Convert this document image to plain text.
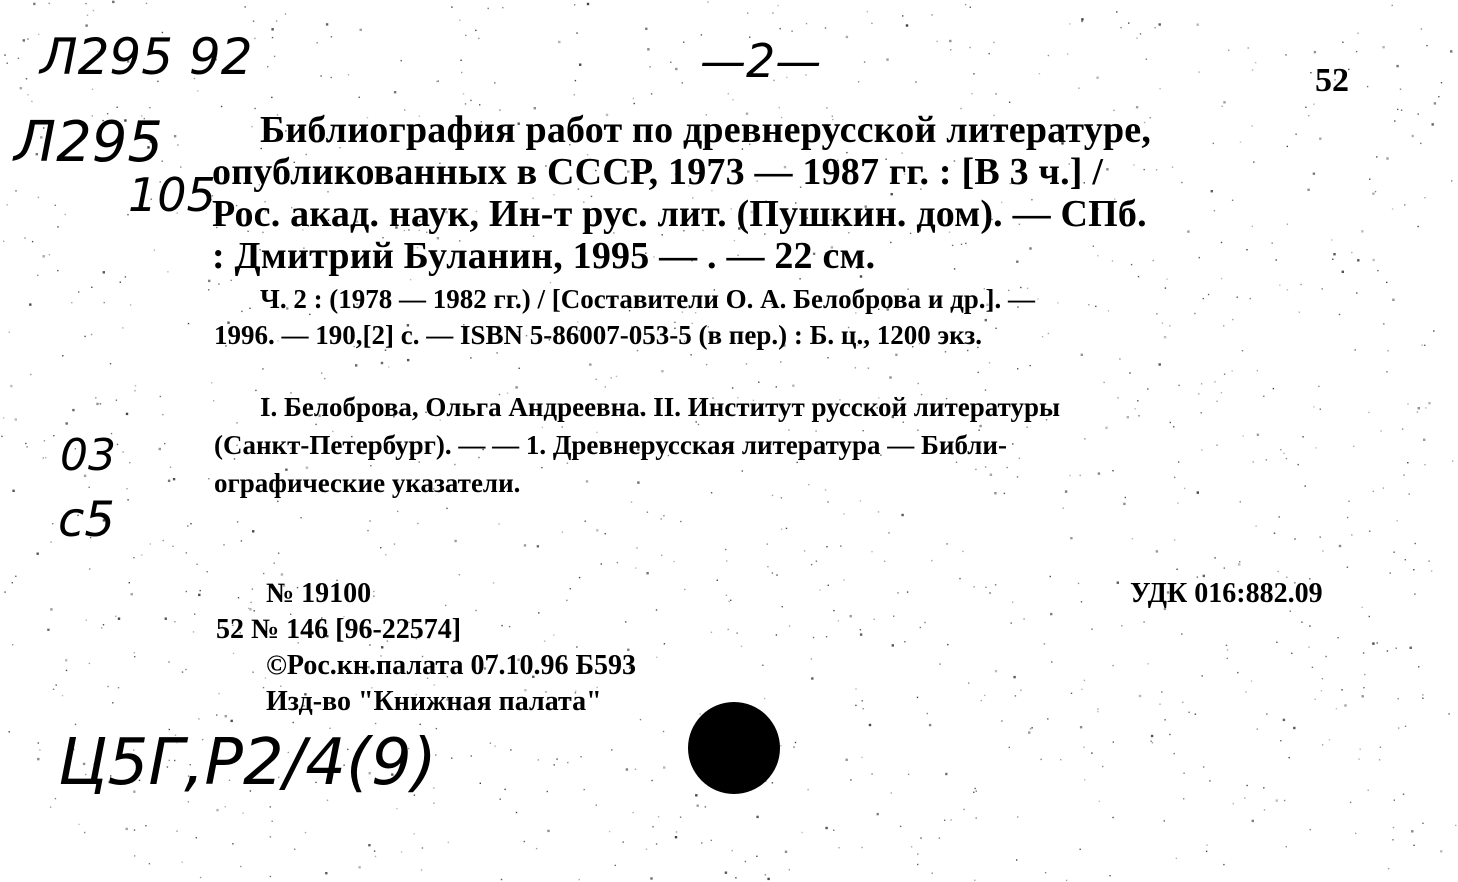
Л295 92	—2—
Л295
105
03
c5
Ц5Г,Р2/4(9)
52
Библиография работ по древнерусской литературе,
опубликованных в СССР, 1973 — 1987 гг. : [В 3 ч.] /
Рос. акад. наук, Ин-т рус. лит. (Пушкин. дом). — СПб.
: Дмитрий Буланин, 1995 — . — 22 см.
Ч. 2 : (1978 — 1982 гг.) / [Составители О. А. Белоброва и др.]. —
1996. — 190,[2] с. — ISBN 5-86007-053-5 (в пер.) : Б. ц., 1200 экз.
I. Белоброва, Ольга Андреевна. II. Институт русской литературы
(Санкт-Петербург). — — 1. Древнерусская литература — Библи-
ографические указатели.
№ 19100	УДК 016:882.09
52 № 146 [96-22574]
©Рос.кн.палата 07.10.96 Б593
Изд-во "Книжная палата"
